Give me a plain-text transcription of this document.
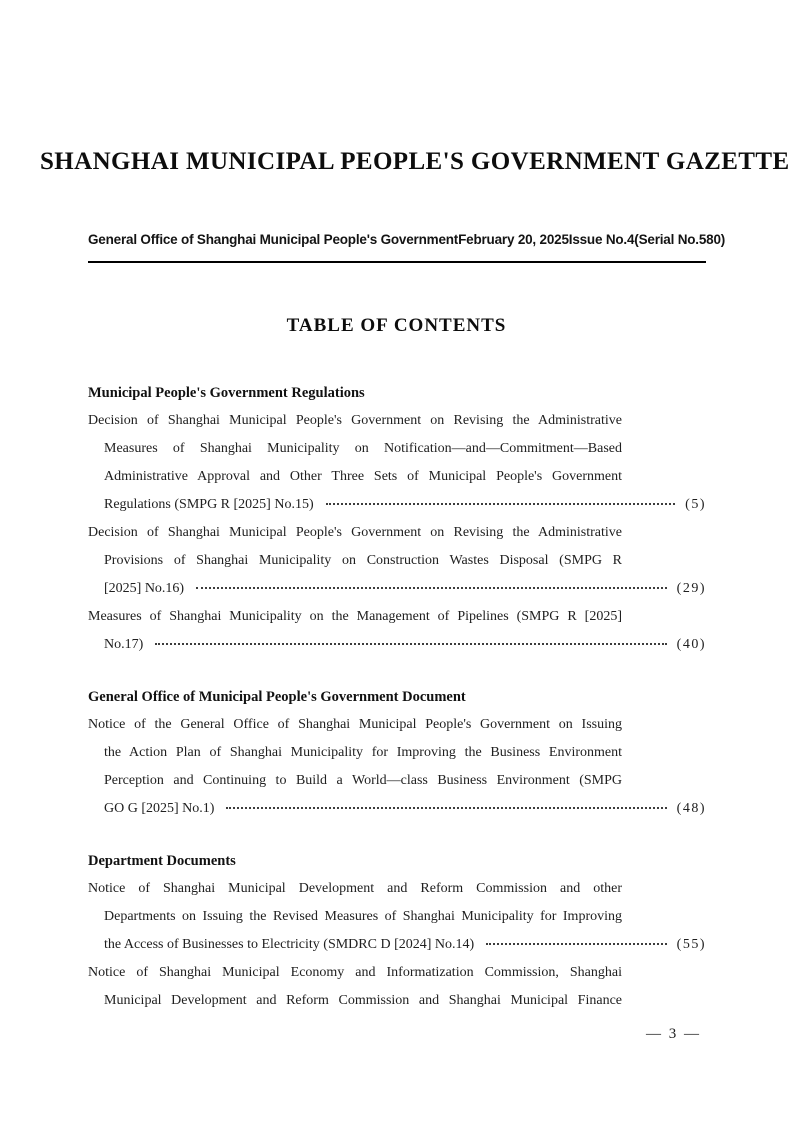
SHANGHAI MUNICIPAL PEOPLE'S GOVERNMENT GAZETTE
General Office of Shanghai Municipal People's Government February 20, 2025 Issue No.4(Serial No.580)
TABLE OF CONTENTS
Municipal People's Government Regulations
Decision of Shanghai Municipal People's Government on Revising the Administrative
Measures of Shanghai Municipality on Notification—and—Commitment—Based
Administrative Approval and Other Three Sets of Municipal People's Government
Regulations (SMPG R [2025] No.15)	(5)
Decision of Shanghai Municipal People's Government on Revising the Administrative
Provisions of Shanghai Municipality on Construction Wastes Disposal (SMPG R
[2025] No.16)	(29)
Measures of Shanghai Municipality on the Management of Pipelines (SMPG R [2025]
No.17)	(40)
General Office of Municipal People's Government Document
Notice of the General Office of Shanghai Municipal People's Government on Issuing
the Action Plan of Shanghai Municipality for Improving the Business Environment
Perception and Continuing to Build a World—class Business Environment (SMPG
GO G [2025] No.1)	(48)
Department Documents
Notice of Shanghai Municipal Development and Reform Commission and other
Departments on Issuing the Revised Measures of Shanghai Municipality for Improving
the Access of Businesses to Electricity (SMDRC D [2024] No.14)	(55)
Notice of Shanghai Municipal Economy and Informatization Commission, Shanghai
Municipal Development and Reform Commission and Shanghai Municipal Finance
— 3 —
